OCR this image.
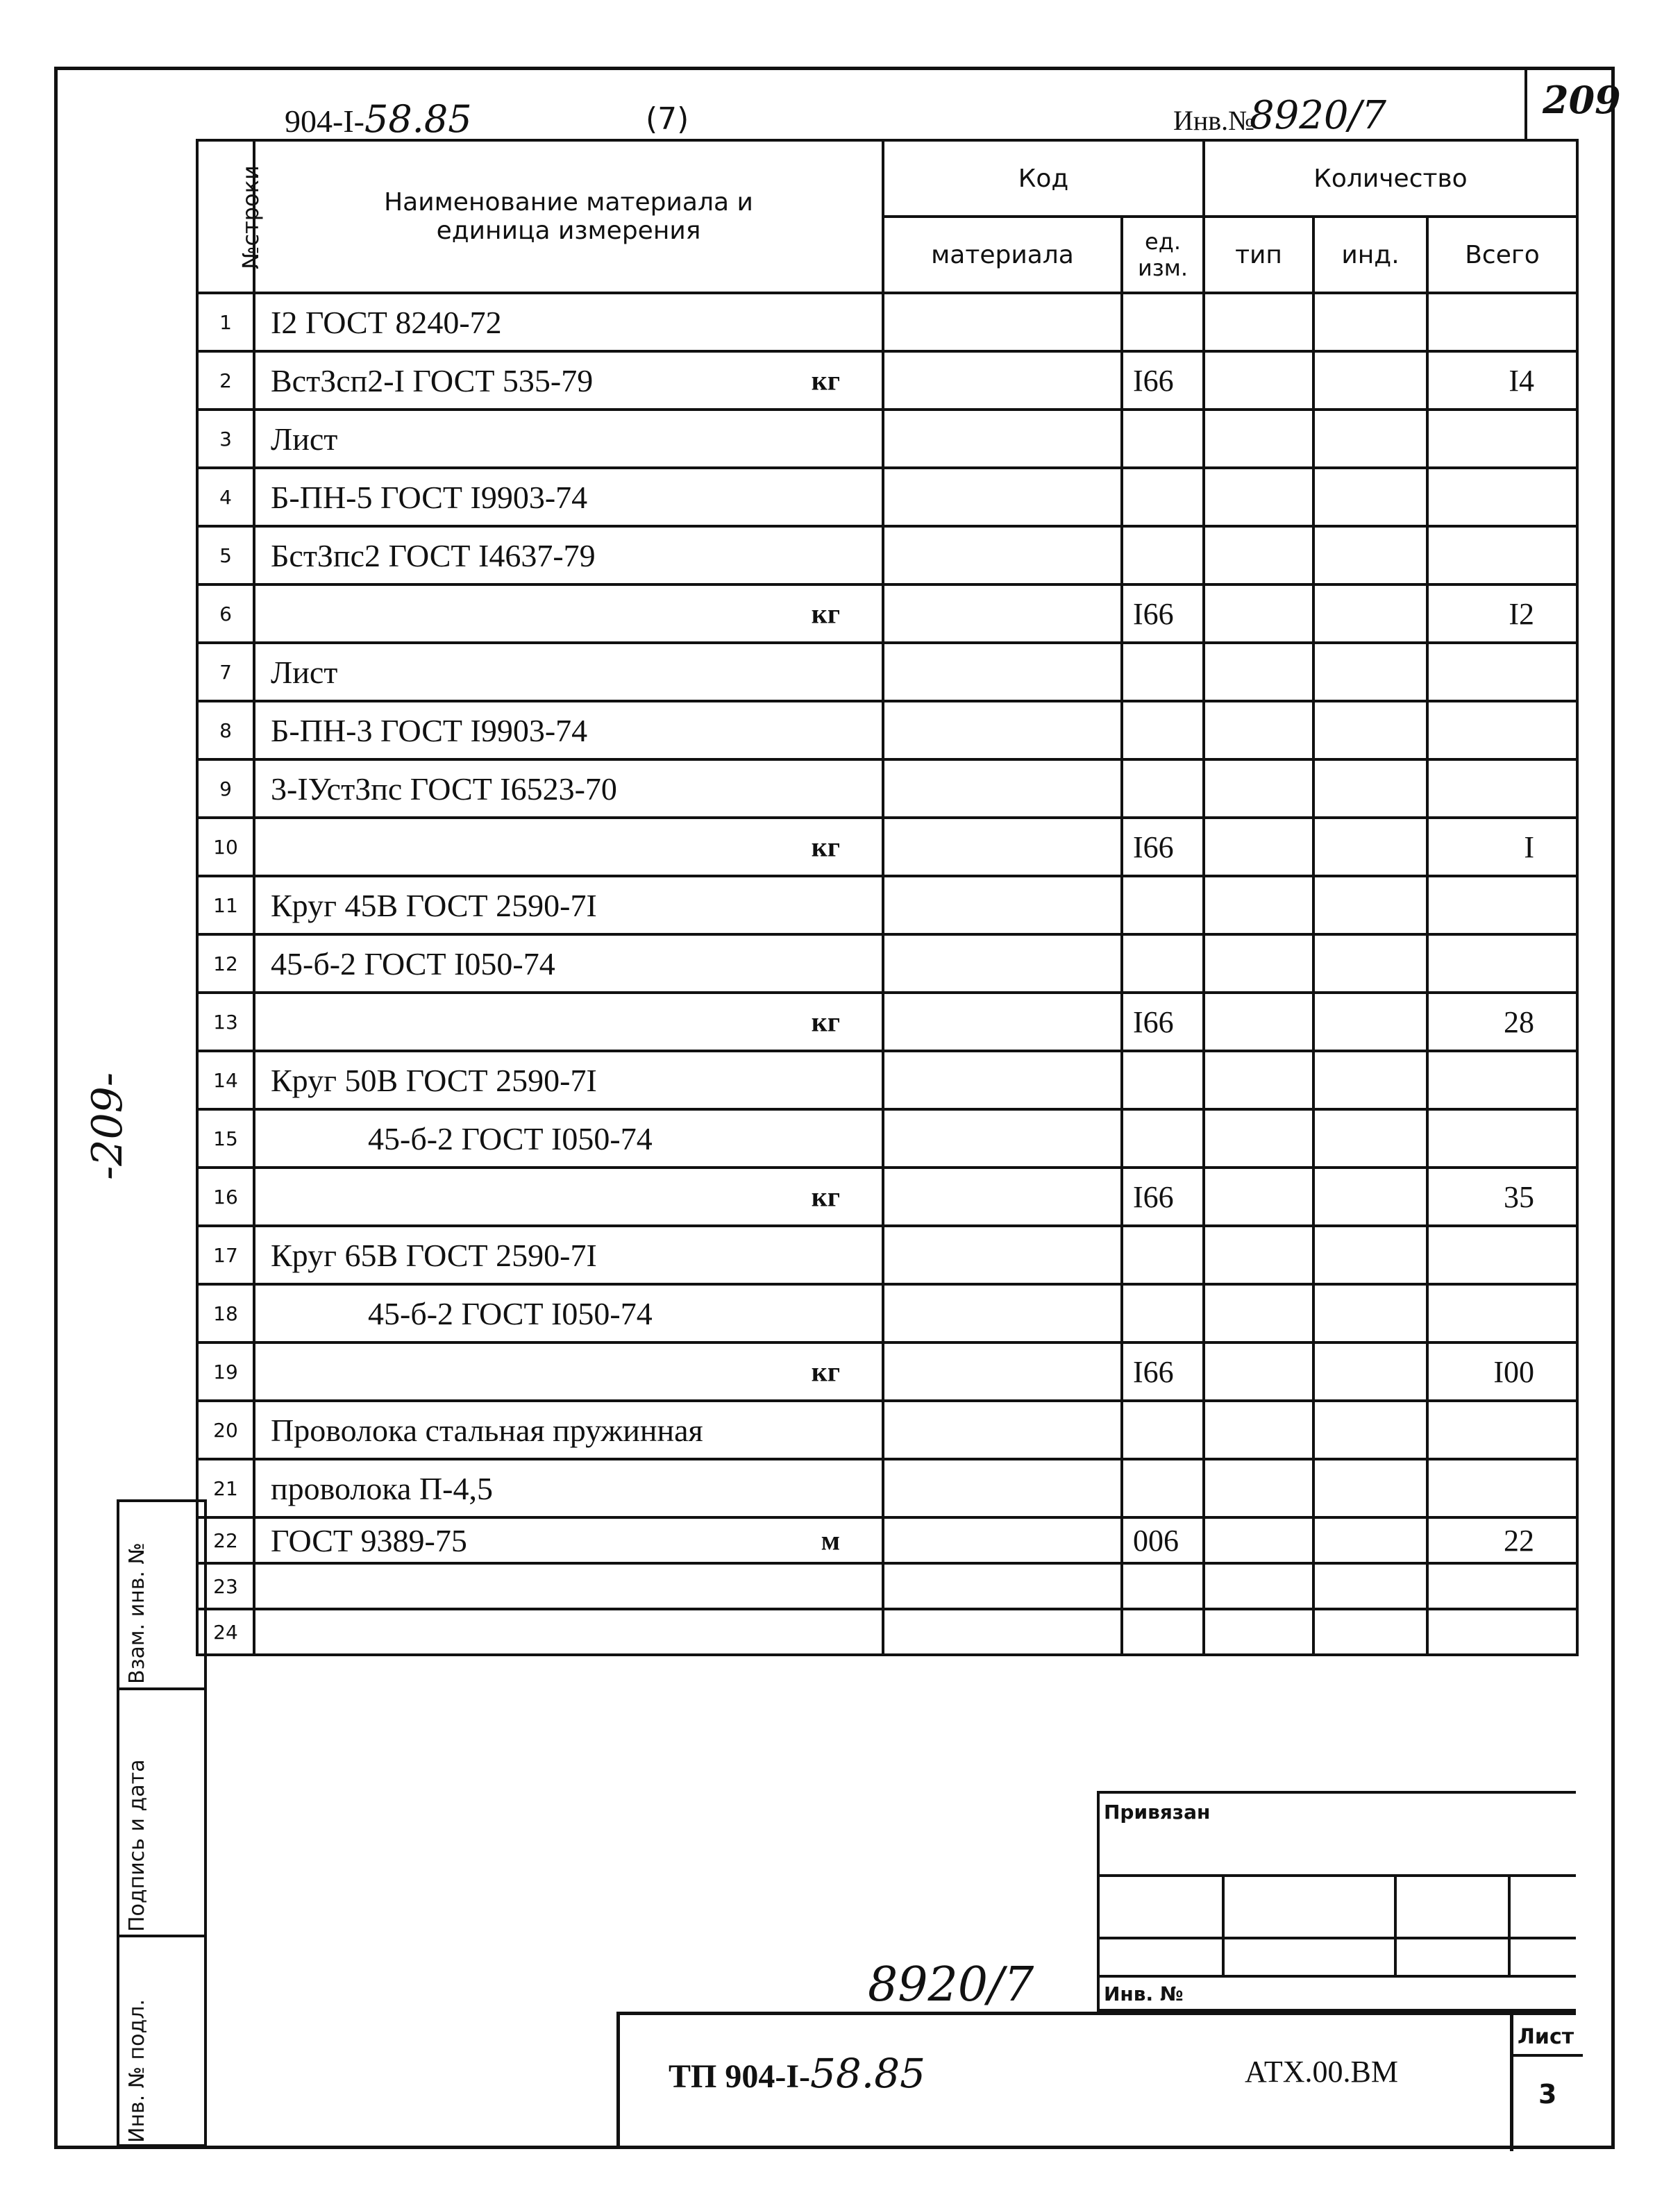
904-I-58.85	(7)	Инв.№
8920/7	209
№строки	Наименование материала и единица измерения	Код		Количество		
		материала	ед. изм.	тип	инд.	Всего
1	I2 ГОСТ 8240-72

2	ВстЗсп2-I ГОСТ 535-79 кг		I66			I4
3	Лист

4	Б-ПН-5 ГОСТ I9903-74

5	БстЗпс2 ГОСТ I4637-79

6	кг		I66			I2
7	Лист

8	Б-ПН-3 ГОСТ I9903-74

9	3-IУстЗпс ГОСТ I6523-70

10	кг		I66			I
11	Круг 45В ГОСТ 2590-7I

12	45-б-2 ГОСТ I050-74

13	кг		I66			28
14	Круг 50В ГОСТ 2590-7I

15	45-б-2 ГОСТ I050-74

16	кг		I66			35
17	Круг 65В ГОСТ 2590-7I

18	45-б-2 ГОСТ I050-74

19	кг		I66			I00
20	Проволока стальная пружинная

21	проволока П-4,5

22	ГОСТ 9389-75 м		006			22
23	

24	

-209-
Взам. инв. №
Подпись и дата
Инв. № подл.
Привязан
Инв. №
8920/7
ТП 904-I-58.85	АТХ.00.ВМ
Лист
3
